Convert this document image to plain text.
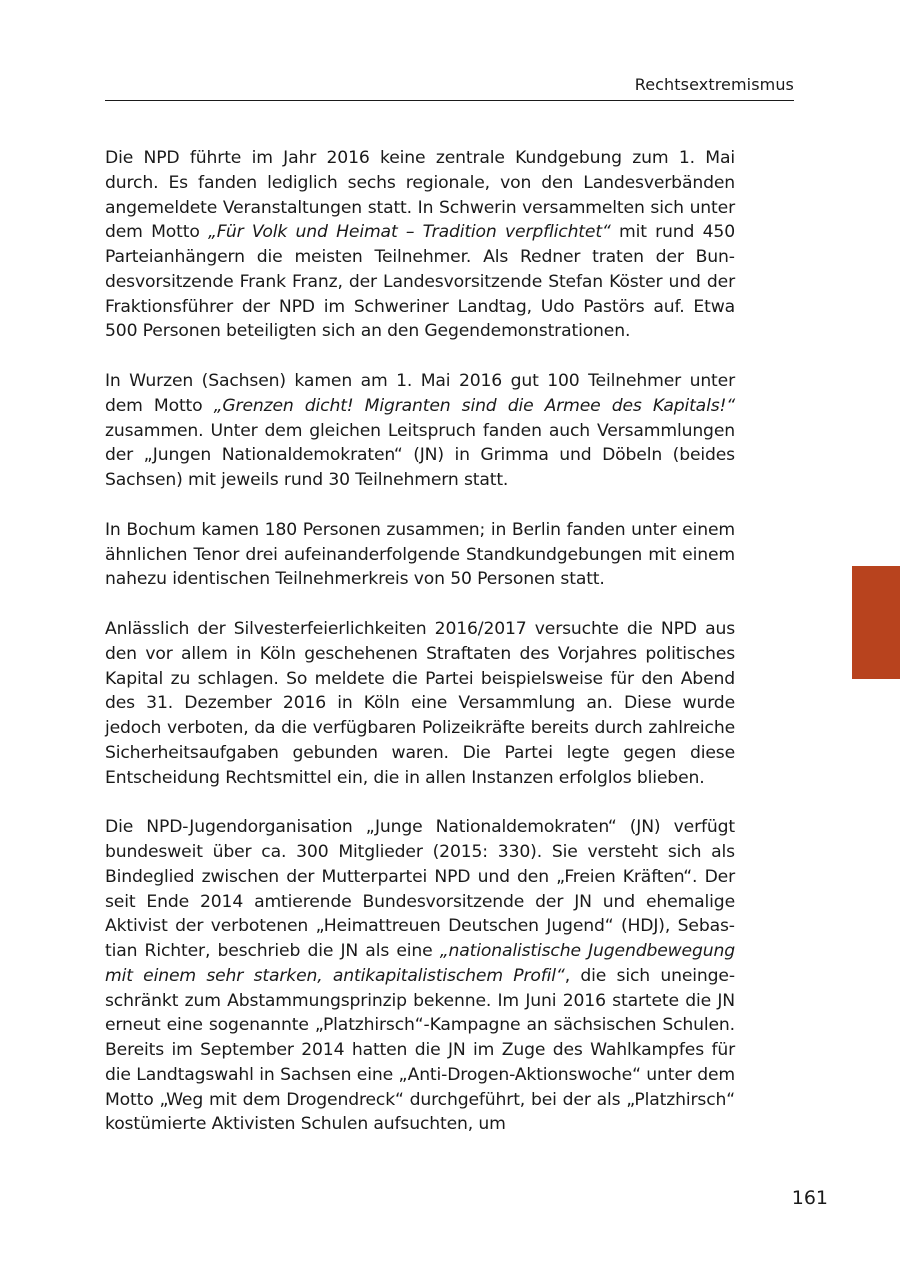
Rechtsextremismus

Die NPD führte im Jahr 2016 keine zentrale Kundgebung zum 1. Mai durch. Es fanden lediglich sechs regionale, von den Landesverbänden angemeldete Veranstaltungen statt. In Schwerin versammelten sich unter dem Motto „Für Volk und Heimat – Tradition verpflichtet“ mit rund 450 Parteianhängern die meisten Teilnehmer. Als Redner traten der Bundesvorsitzende Frank Franz, der Landesvorsitzende Stefan Köster und der Fraktionsführer der NPD im Schweriner Landtag, Udo Pastörs auf. Etwa 500 Personen beteiligten sich an den Gegendemonstrationen.

In Wurzen (Sachsen) kamen am 1. Mai 2016 gut 100 Teilnehmer unter dem Motto „Grenzen dicht! Migranten sind die Armee des Kapitals!“ zusammen. Unter dem gleichen Leitspruch fanden auch Versammlungen der „Jungen Nationaldemokraten“ (JN) in Grimma und Döbeln (beides Sachsen) mit jeweils rund 30 Teilnehmern statt.

In Bochum kamen 180 Personen zusammen; in Berlin fanden unter einem ähnlichen Tenor drei aufeinanderfolgende Standkundgebungen mit einem nahezu identischen Teilnehmerkreis von 50 Personen statt.

Anlässlich der Silvesterfeierlichkeiten 2016/2017 versuchte die NPD aus den vor allem in Köln geschehenen Straftaten des Vorjahres politisches Kapital zu schlagen. So meldete die Partei beispielsweise für den Abend des 31. Dezember 2016 in Köln eine Versammlung an. Diese wurde jedoch verboten, da die verfügbaren Polizeikräfte bereits durch zahlreiche Sicherheitsaufgaben gebunden waren. Die Partei legte gegen diese Entscheidung Rechtsmittel ein, die in allen Instanzen erfolglos blieben.

Die NPD-Jugendorganisation „Junge Nationaldemokraten“ (JN) verfügt bundesweit über ca. 300 Mitglieder (2015: 330). Sie versteht sich als Bindeglied zwischen der Mutterpartei NPD und den „Freien Kräften“. Der seit Ende 2014 amtierende Bundesvorsitzende der JN und ehemalige Aktivist der verbotenen „Heimattreuen Deutschen Jugend“ (HDJ), Sebastian Richter, beschrieb die JN als eine „nationalistische Jugendbewegung mit einem sehr starken, antikapitalistischem Profil“, die sich uneingeschränkt zum Abstammungsprinzip bekenne. Im Juni 2016 startete die JN erneut eine sogenannte „Platzhirsch“-Kampagne an sächsischen Schulen. Bereits im September 2014 hatten die JN im Zuge des Wahlkampfes für die Landtagswahl in Sachsen eine „Anti-Drogen-Aktionswoche“ unter dem Motto „Weg mit dem Drogendreck“ durchgeführt, bei der als „Platzhirsch“ kostümierte Aktivisten Schulen aufsuchten, um

161
